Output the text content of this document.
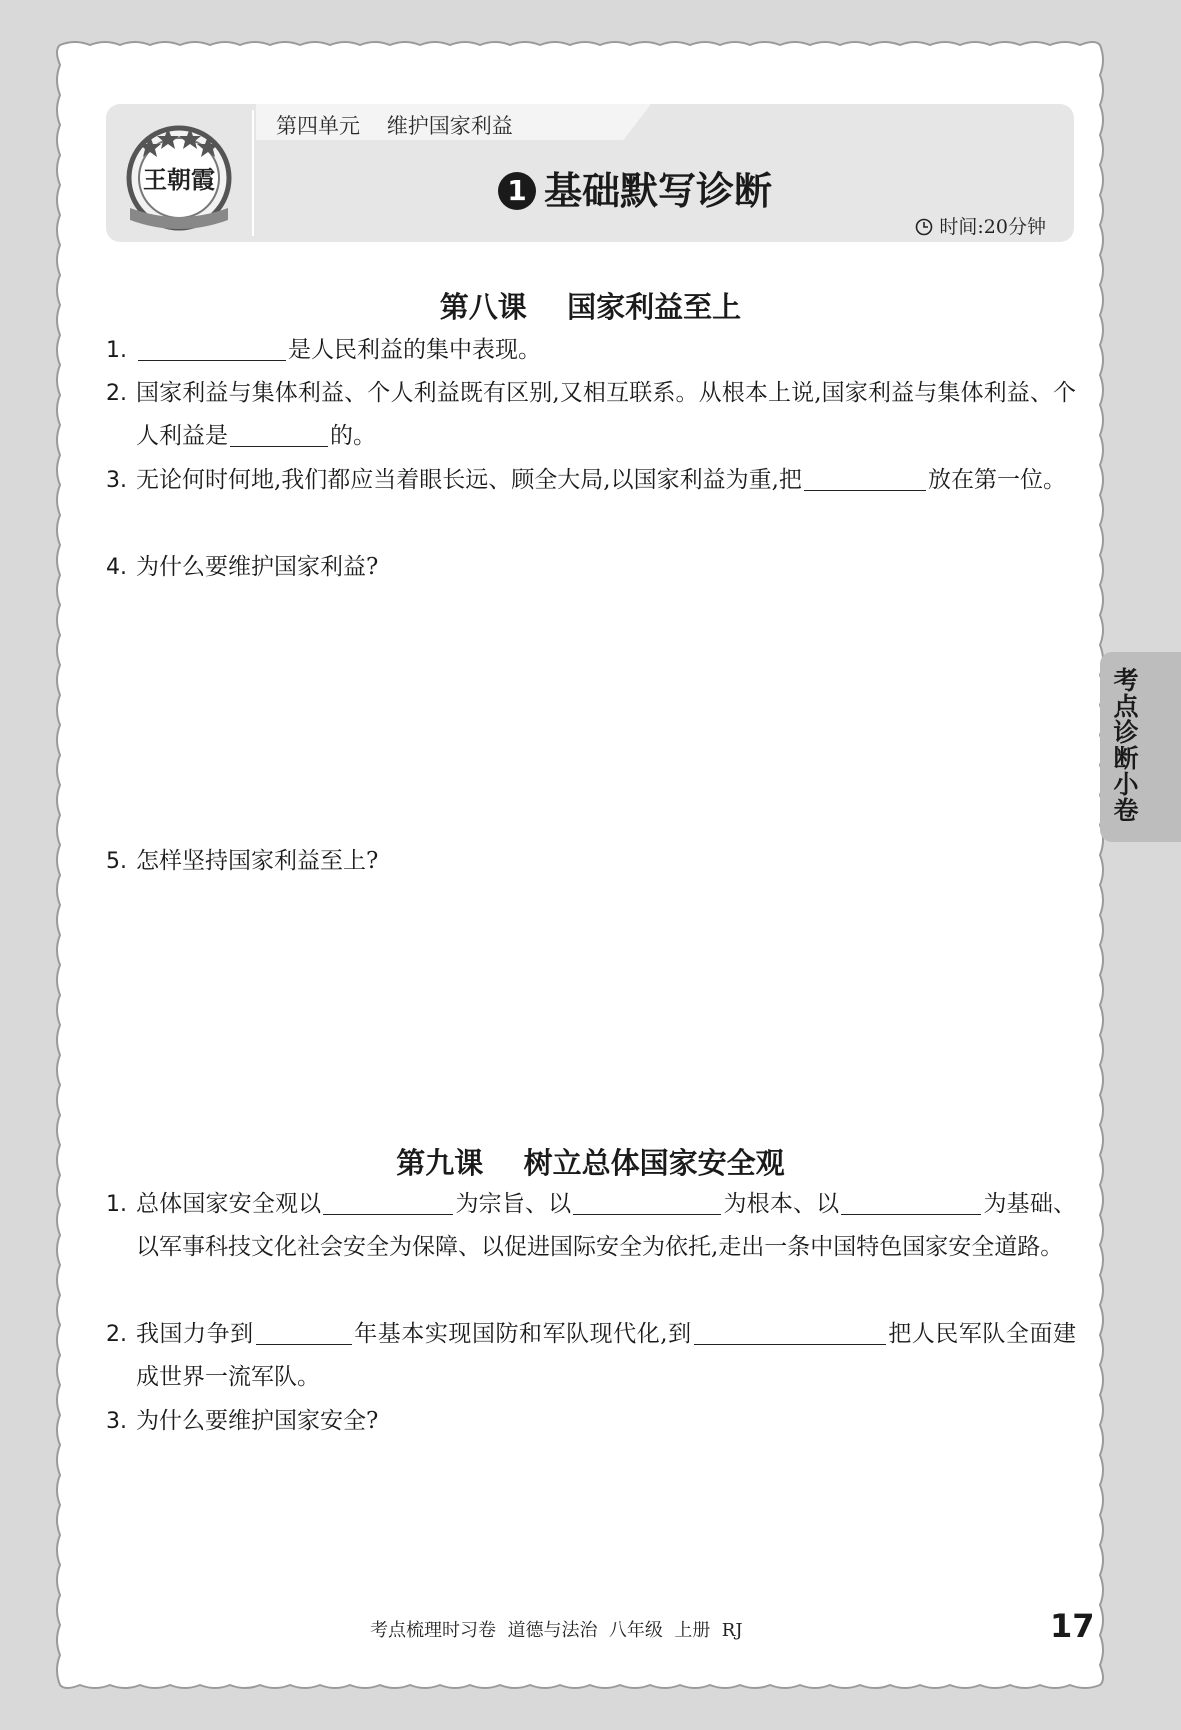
王朝霞
第四单元    维护国家利益
1 基础默写诊断
时间:20分钟
第八课    国家利益至上
1.	是人民利益的集中表现。
2. 国家利益与集体利益、个人利益既有区别,又相互联系。从根本上说,国家利益与集体利益、个人利益是	的。
3. 无论何时何地,我们都应当着眼长远、顾全大局,以国家利益为重,把	放在第一位。
4. 为什么要维护国家利益?
5. 怎样坚持国家利益至上?
第九课    树立总体国家安全观
1. 总体国家安全观以	为宗旨、以	为根本、以	为基础、以军事科技文化社会安全为保障、以促进国际安全为依托,走出一条中国特色国家安全道路。
2. 我国力争到	年基本实现国防和军队现代化,到	把人民军队全面建成世界一流军队。
3. 为什么要维护国家安全?
考点诊断小卷
考点梳理时习卷  道德与法治  八年级  上册  RJ	17
